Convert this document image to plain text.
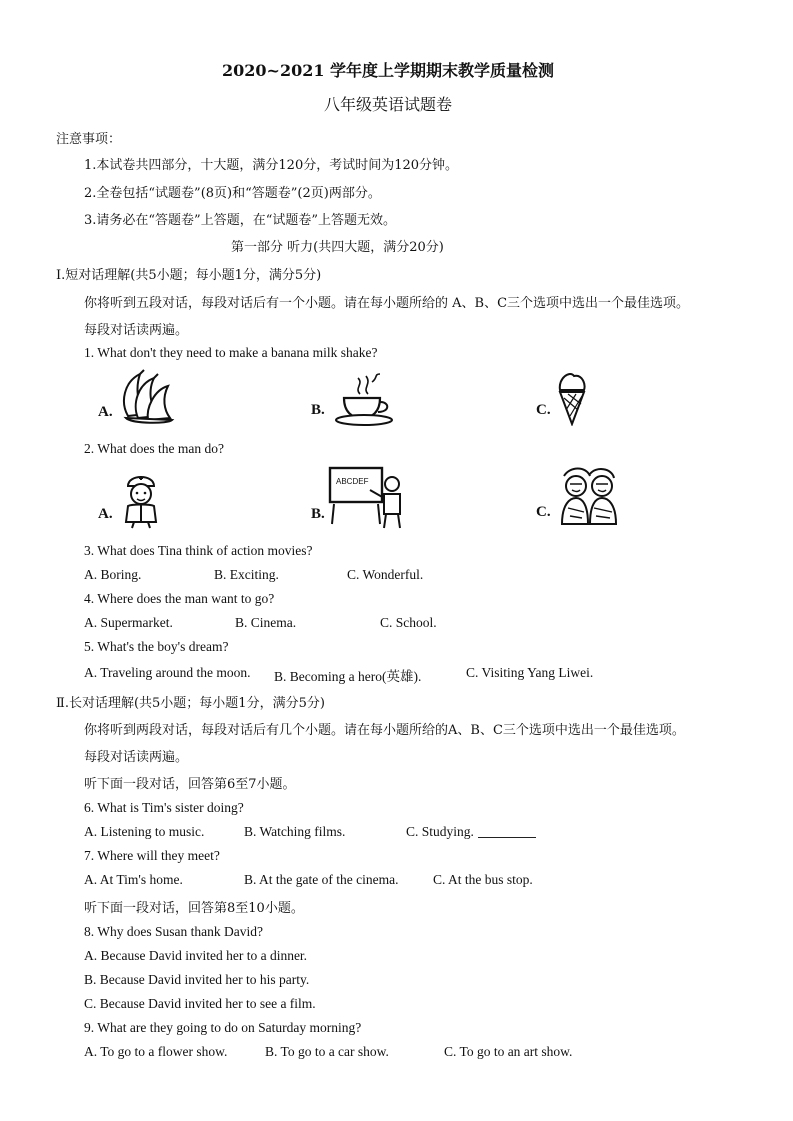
2020~2021 学年度上学期期末教学质量检测
八年级英语试题卷
注意事项：
1.本试卷共四部分，十大题，满分120分，考试时间为120分钟。
2.全卷包括“试题卷”(8页)和“答题卷”(2页)两部分。
3.请务必在“答题卷”上答题，在“试题卷”上答题无效。
第一部分 听力(共四大题，满分20分)
Ⅰ.短对话理解(共5小题；每小题1分，满分5分)
你将听到五段对话，每段对话后有一个小题。请在每小题所给的 A、B、C三个选项中选出一个最佳选项。
每段对话读两遍。
1. What don't they need to make a banana milk shake?
A.	B.	C.
2. What does the man do?
A.	B.
ABCDEF
C.
3. What does Tina think of action movies?
A. Boring.	B. Exciting.	C. Wonderful.
4. Where does the man want to go?
A. Supermarket.	B. Cinema.	C. School.
5. What's the boy's dream?
A. Traveling around the moon. B. Becoming a hero(英雄).	C. Visiting Yang Liwei.
Ⅱ.长对话理解(共5小题；每小题1分，满分5分)
你将听到两段对话，每段对话后有几个小题。请在每小题所给的A、B、C三个选项中选出一个最佳选项。
每段对话读两遍。
听下面一段对话，回答第6至7小题。
6. What is Tim's sister doing?
A. Listening to music.	B. Watching films.	C. Studying.
7. Where will they meet?
A. At Tim's home.	B. At the gate of the cinema.	C. At the bus stop.
听下面一段对话，回答第8至10小题。
8. Why does Susan thank David?
A. Because David invited her to a dinner.
B. Because David invited her to his party.
C. Because David invited her to see a film.
9. What are they going to do on Saturday morning?
A. To go to a flower show.	B. To go to a car show.	C. To go to an art show.
